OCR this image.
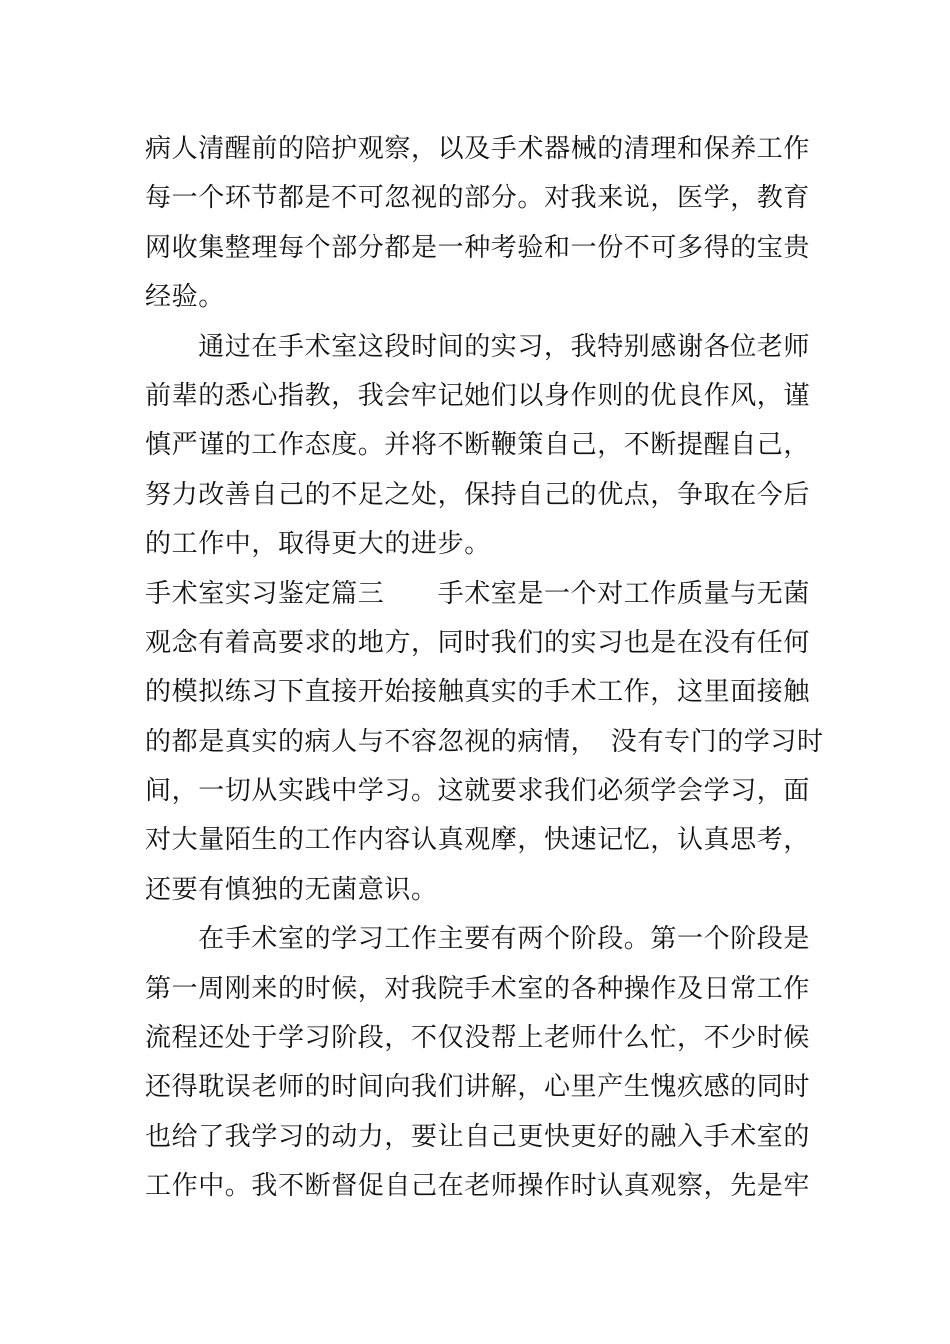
病人清醒前的陪护观察，以及手术器械的清理和保养工作
每一个环节都是不可忽视的部分。对我来说，医学，教育
网收集整理每个部分都是一种考验和一份不可多得的宝贵
经验。
　　通过在手术室这段时间的实习，我特别感谢各位老师
前辈的悉心指教，我会牢记她们以身作则的优良作风，谨
慎严谨的工作态度。并将不断鞭策自己，不断提醒自己，
努力改善自己的不足之处，保持自己的优点，争取在今后
的工作中，取得更大的进步。
手术室实习鉴定篇三　　手术室是一个对工作质量与无菌
观念有着高要求的地方，同时我们的实习也是在没有任何
的模拟练习下直接开始接触真实的手术工作，这里面接触
的都是真实的病人与不容忽视的病情，　没有专门的学习时
间，一切从实践中学习。这就要求我们必须学会学习，面
对大量陌生的工作内容认真观摩，快速记忆，认真思考，
还要有慎独的无菌意识。
　　在手术室的学习工作主要有两个阶段。第一个阶段是
第一周刚来的时候，对我院手术室的各种操作及日常工作
流程还处于学习阶段，不仅没帮上老师什么忙，不少时候
还得耽误老师的时间向我们讲解，心里产生愧疚感的同时
也给了我学习的动力，要让自己更快更好的融入手术室的
工作中。我不断督促自己在老师操作时认真观察，先是牢
